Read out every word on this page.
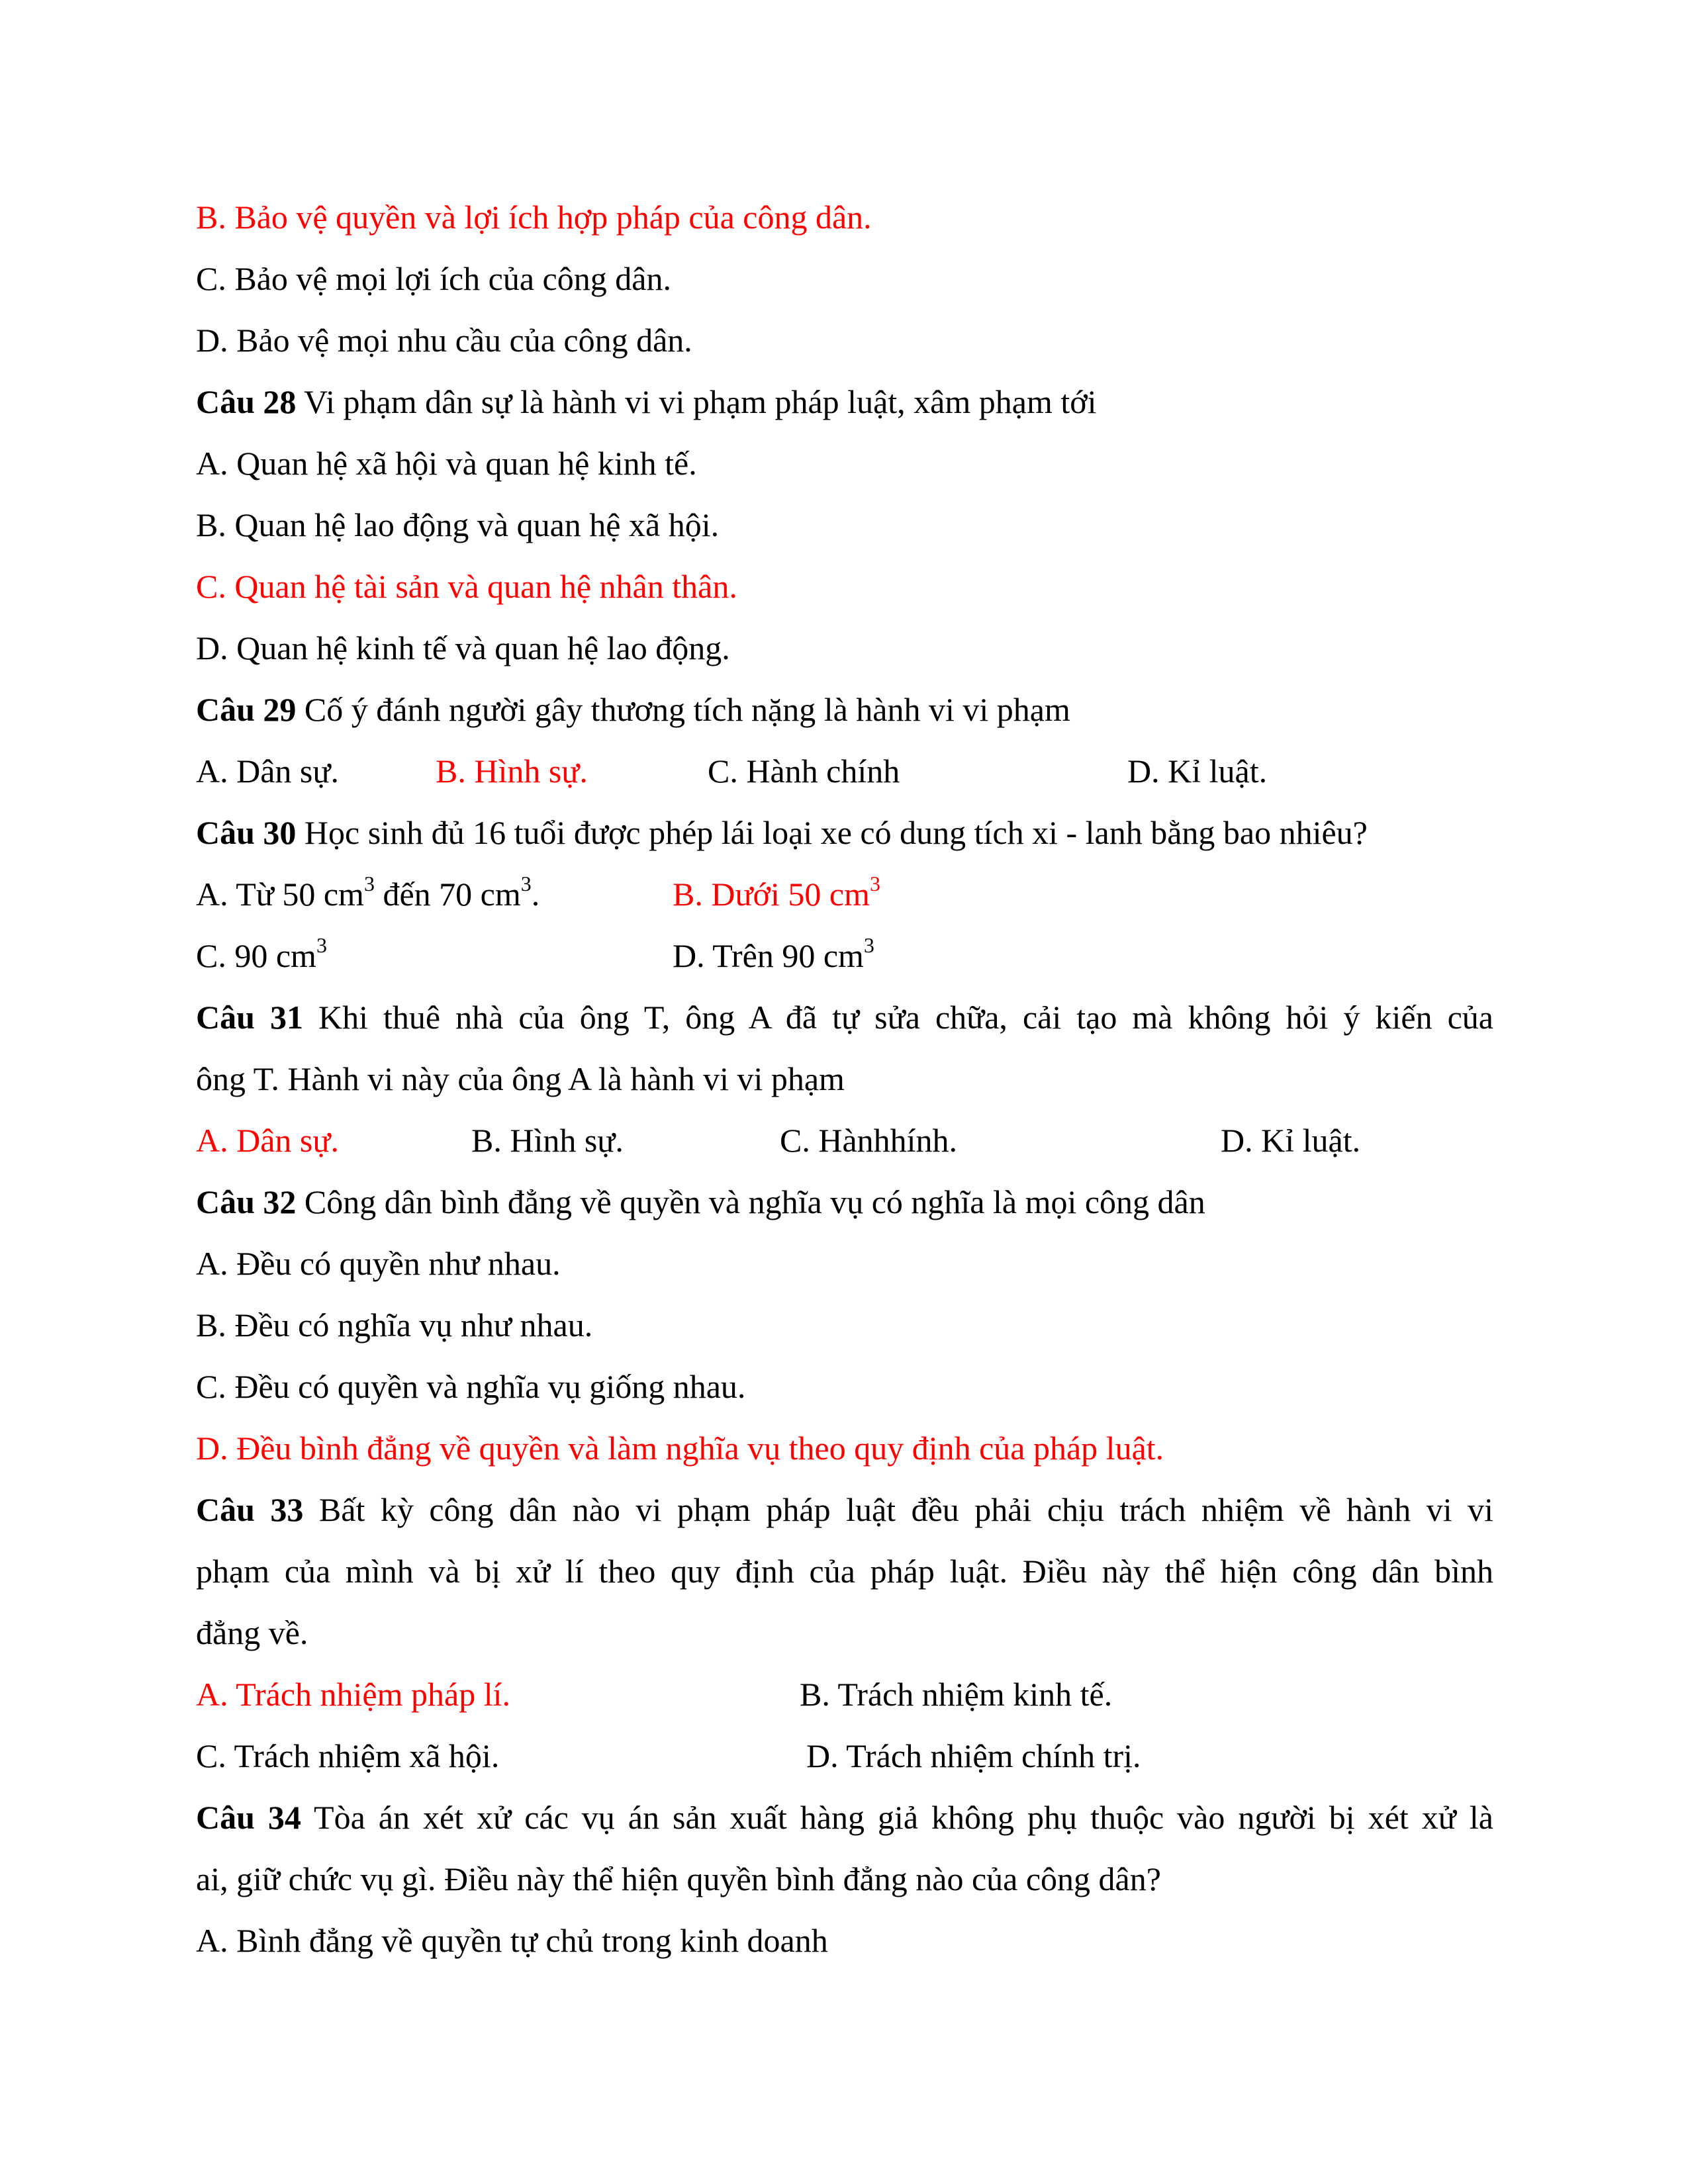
B. Bảo vệ quyền và lợi ích hợp pháp của công dân.
C. Bảo vệ mọi lợi ích của công dân.
D. Bảo vệ mọi nhu cầu của công dân.
Câu 28 Vi phạm dân sự là hành vi vi phạm pháp luật, xâm phạm tới
A. Quan hệ xã hội và quan hệ kinh tế.
B. Quan hệ lao động và quan hệ xã hội.
C. Quan hệ tài sản và quan hệ nhân thân.
D. Quan hệ kinh tế và quan hệ lao động.
Câu 29 Cố ý đánh người gây thương tích nặng là hành vi vi phạm
A. Dân sự.	B. Hình sự.	C. Hành chính	D. Kỉ luật.
Câu 30 Học sinh đủ 16 tuổi được phép lái loại xe có dung tích xi - lanh bằng bao nhiêu?
A. Từ 50 $cm^3$ đến 70 $cm^3$.	B. Dưới 50 $cm^3$
C. 90 $cm^3$	D. Trên 90 $cm^3$
Câu 31 Khi thuê nhà của ông T, ông A đã tự sửa chữa, cải tạo mà không hỏi ý kiến của
ông T. Hành vi này của ông A là hành vi vi phạm
A. Dân sự.	B. Hình sự.	C. Hànhhính.	D. Kỉ luật.
Câu 32 Công dân bình đẳng về quyền và nghĩa vụ có nghĩa là mọi công dân
A. Đều có quyền như nhau.
B. Đều có nghĩa vụ như nhau.
C. Đều có quyền và nghĩa vụ giống nhau.
D. Đều bình đẳng về quyền và làm nghĩa vụ theo quy định của pháp luật.
Câu 33 Bất kỳ công dân nào vi phạm pháp luật đều phải chịu trách nhiệm về hành vi vi
phạm của mình và bị xử lí theo quy định của pháp luật. Điều này thể hiện công dân bình
đẳng về.
A. Trách nhiệm pháp lí.	B. Trách nhiệm kinh tế.
C. Trách nhiệm xã hội.	D. Trách nhiệm chính trị.
Câu 34 Tòa án xét xử các vụ án sản xuất hàng giả không phụ thuộc vào người bị xét xử là
ai, giữ chức vụ gì. Điều này thể hiện quyền bình đẳng nào của công dân?
A. Bình đẳng về quyền tự chủ trong kinh doanh
